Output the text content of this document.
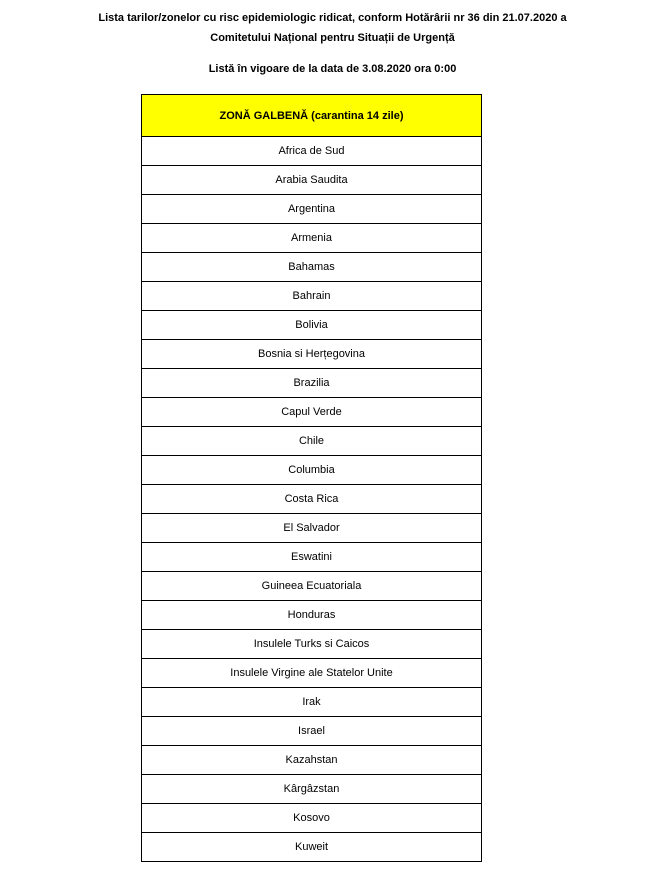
Lista tarilor/zonelor cu risc epidemiologic ridicat, conform Hotărârii nr 36 din 21.07.2020 a
Comitetului Național pentru Situații de Urgență
Listă în vigoare de la data de 3.08.2020 ora 0:00
ZONĂ GALBENĂ (carantina 14 zile)
Africa de Sud
Arabia Saudita
Argentina
Armenia
Bahamas
Bahrain
Bolivia
Bosnia si Herțegovina
Brazilia
Capul Verde
Chile
Columbia
Costa Rica
El Salvador
Eswatini
Guineea Ecuatoriala
Honduras
Insulele Turks si Caicos
Insulele Virgine ale Statelor Unite
Irak
Israel
Kazahstan
Kârgâzstan
Kosovo
Kuweit
